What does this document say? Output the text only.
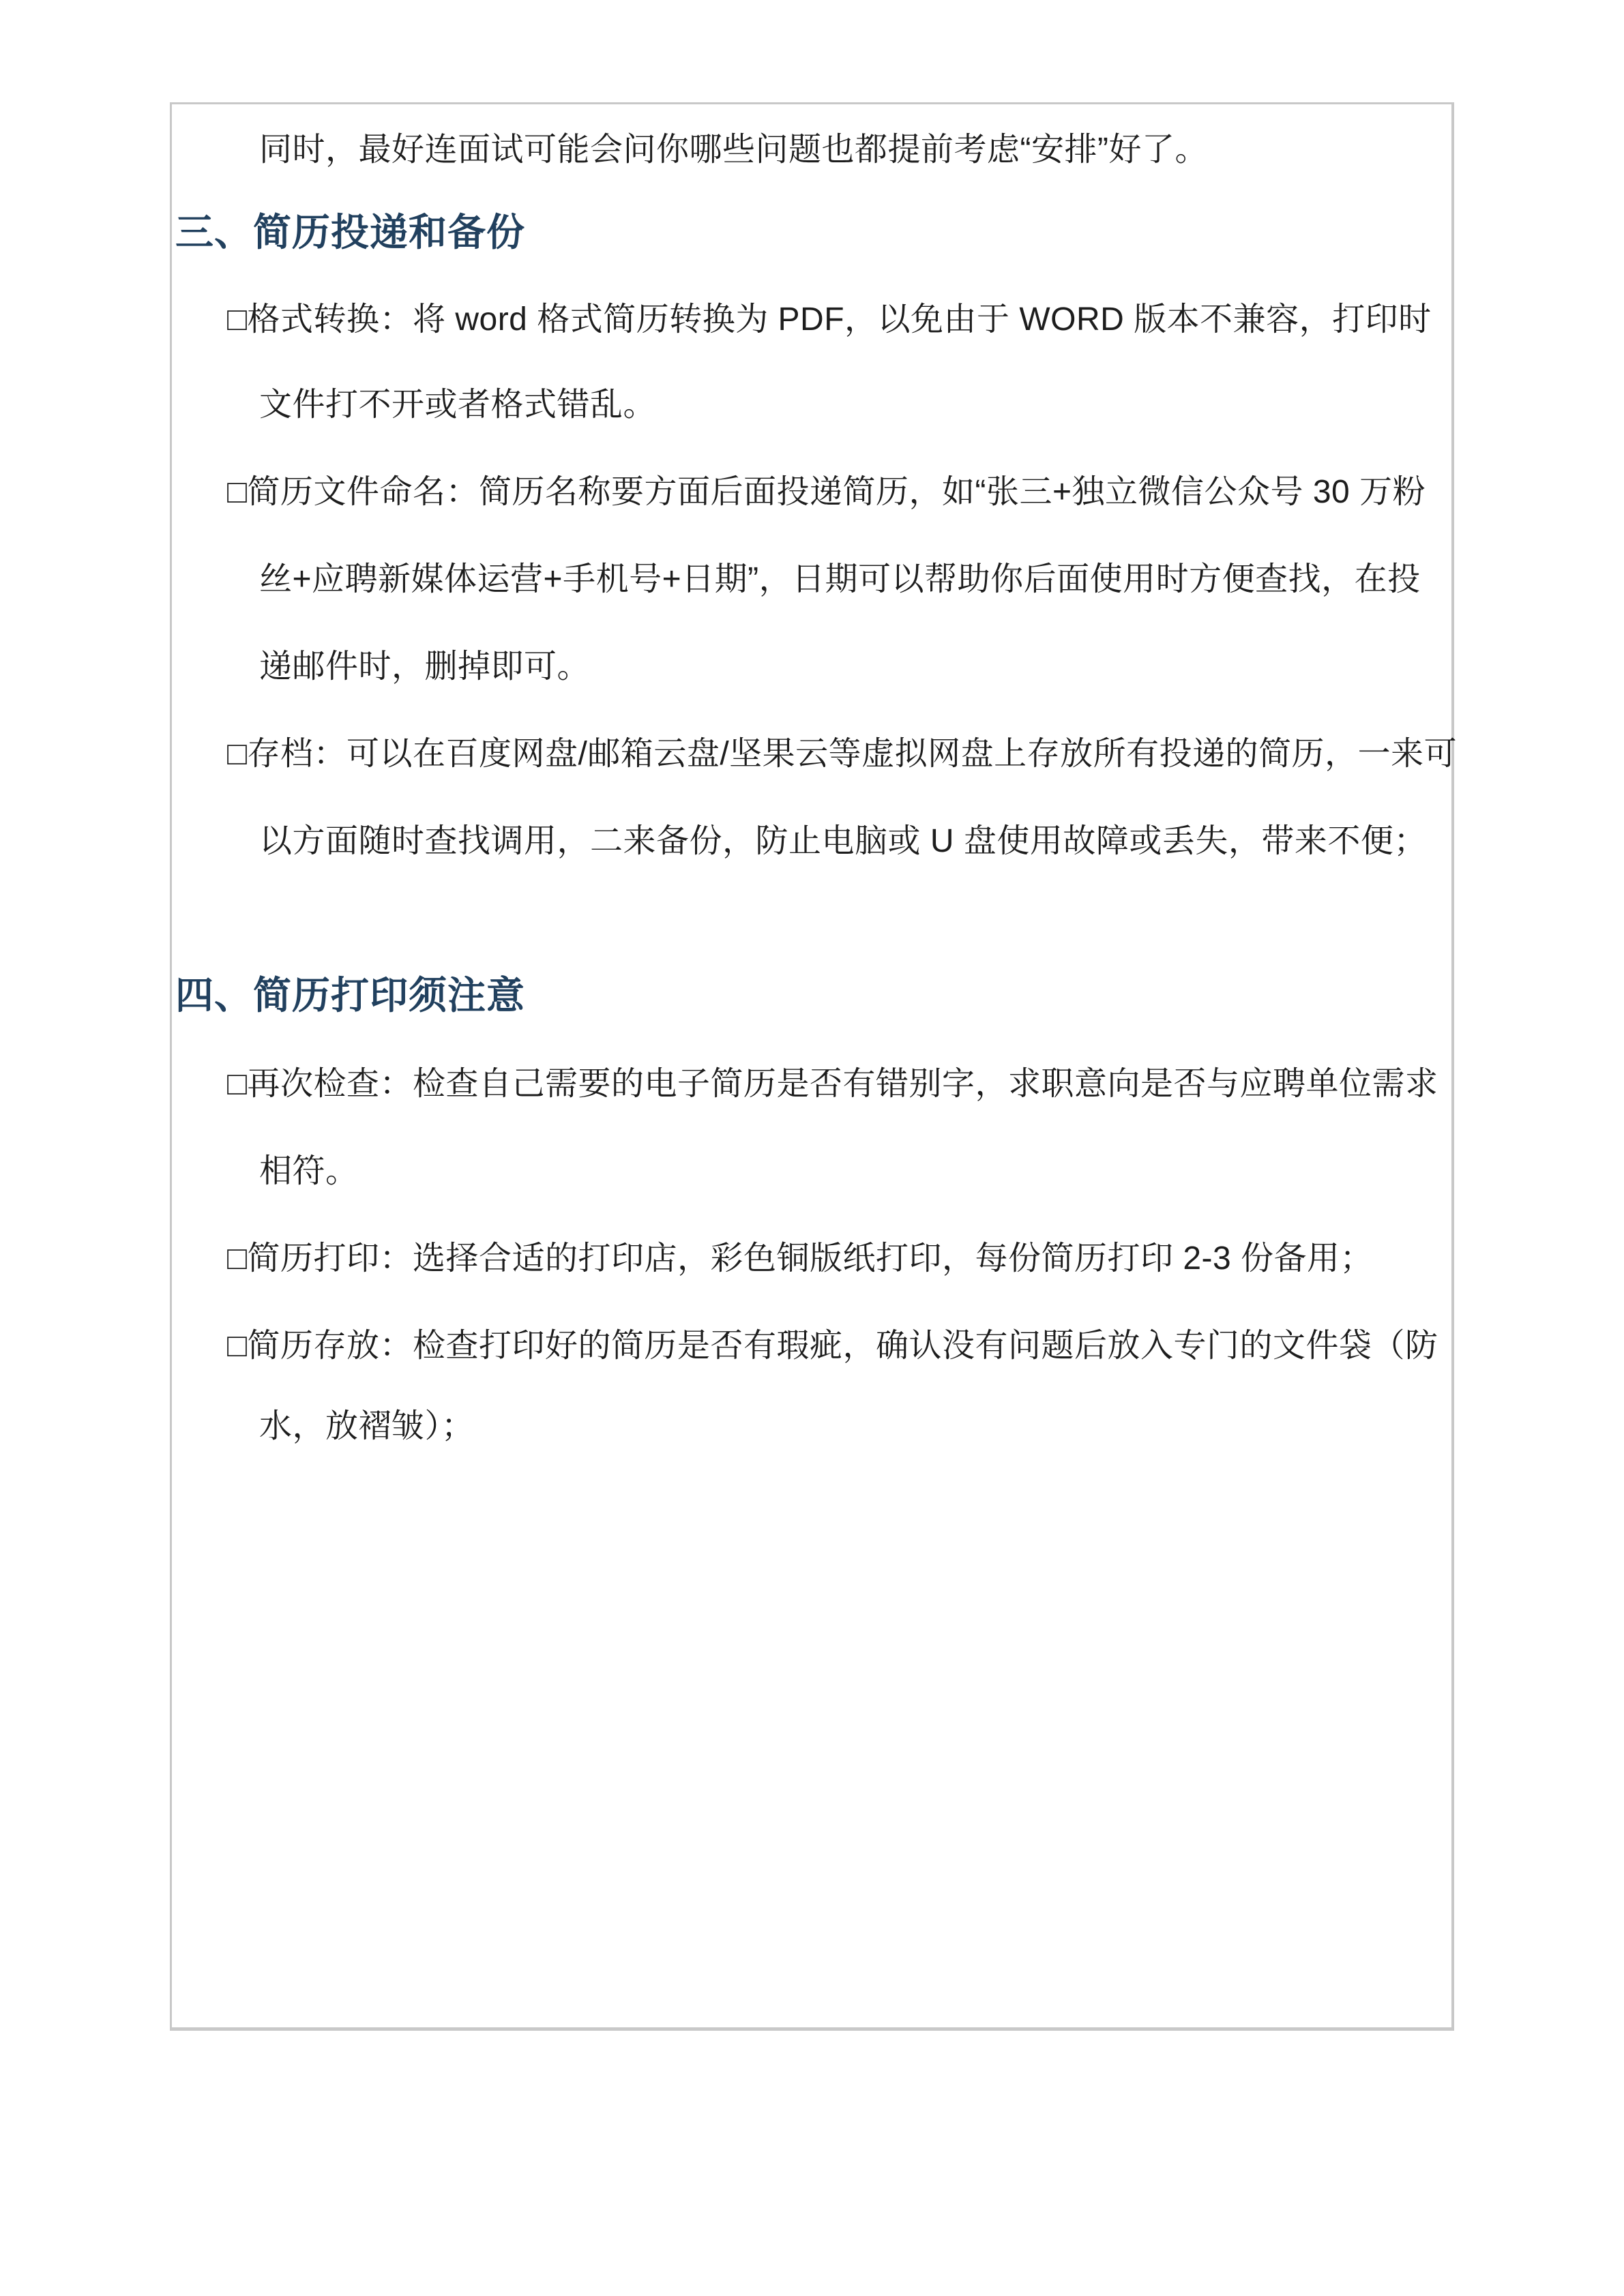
同时，最好连面试可能会问你哪些问题也都提前考虑“安排”好了。
三、简历投递和备份
□格式转换：将 word 格式简历转换为 PDF，以免由于 WORD 版本不兼容，打印时
文件打不开或者格式错乱。
□简历文件命名：简历名称要方面后面投递简历，如“张三+独立微信公众号 30 万粉
丝+应聘新媒体运营+手机号+日期”，日期可以帮助你后面使用时方便查找，在投
递邮件时，删掉即可。
□存档：可以在百度网盘/邮箱云盘/坚果云等虚拟网盘上存放所有投递的简历，一来可
以方面随时查找调用，二来备份，防止电脑或 U 盘使用故障或丢失，带来不便；
四、简历打印须注意
□再次检查：检查自己需要的电子简历是否有错别字，求职意向是否与应聘单位需求
相符。
□简历打印：选择合适的打印店，彩色铜版纸打印，每份简历打印 2-3 份备用；
□简历存放：检查打印好的简历是否有瑕疵，确认没有问题后放入专门的文件袋（防
水，放褶皱）；
